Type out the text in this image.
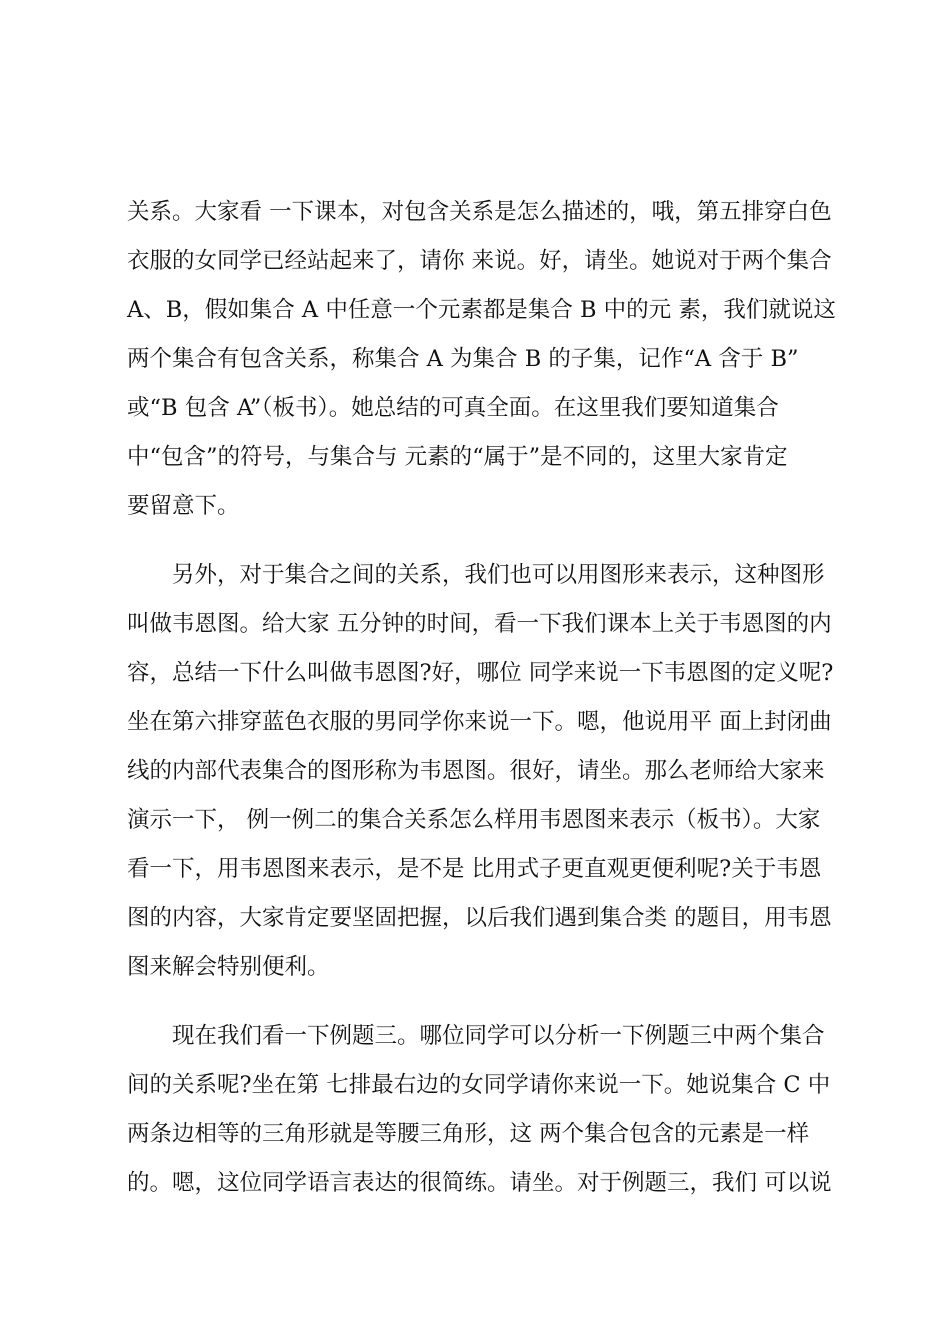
关系。大家看 一下课本，对包含关系是怎么描述的，哦，第五排穿白色

衣服的女同学已经站起来了，请你 来说。好，请坐。她说对于两个集合

A、B，假如集合 A 中任意一个元素都是集合 B 中的元 素，我们就说这

两个集合有包含关系，称集合 A 为集合 B 的子集，记作“A 含于 B”

或“B 包含 A”（板书）。她总结的可真全面。在这里我们要知道集合

中“包含”的符号，与集合与 元素的“属于”是不同的，这里大家肯定

要留意下。

　　另外，对于集合之间的关系，我们也可以用图形来表示，这种图形

叫做韦恩图。给大家 五分钟的时间，看一下我们课本上关于韦恩图的内

容，总结一下什么叫做韦恩图?好，哪位 同学来说一下韦恩图的定义呢?

坐在第六排穿蓝色衣服的男同学你来说一下。嗯，他说用平 面上封闭曲

线的内部代表集合的图形称为韦恩图。很好，请坐。那么老师给大家来

演示一下， 例一例二的集合关系怎么样用韦恩图来表示（板书）。大家

看一下，用韦恩图来表示，是不是 比用式子更直观更便利呢?关于韦恩

图的内容，大家肯定要坚固把握，以后我们遇到集合类 的题目，用韦恩

图来解会特别便利。

　　现在我们看一下例题三。哪位同学可以分析一下例题三中两个集合

间的关系呢?坐在第 七排最右边的女同学请你来说一下。她说集合 C 中

两条边相等的三角形就是等腰三角形，这 两个集合包含的元素是一样

的。嗯，这位同学语言表达的很简练。请坐。对于例题三，我们 可以说
